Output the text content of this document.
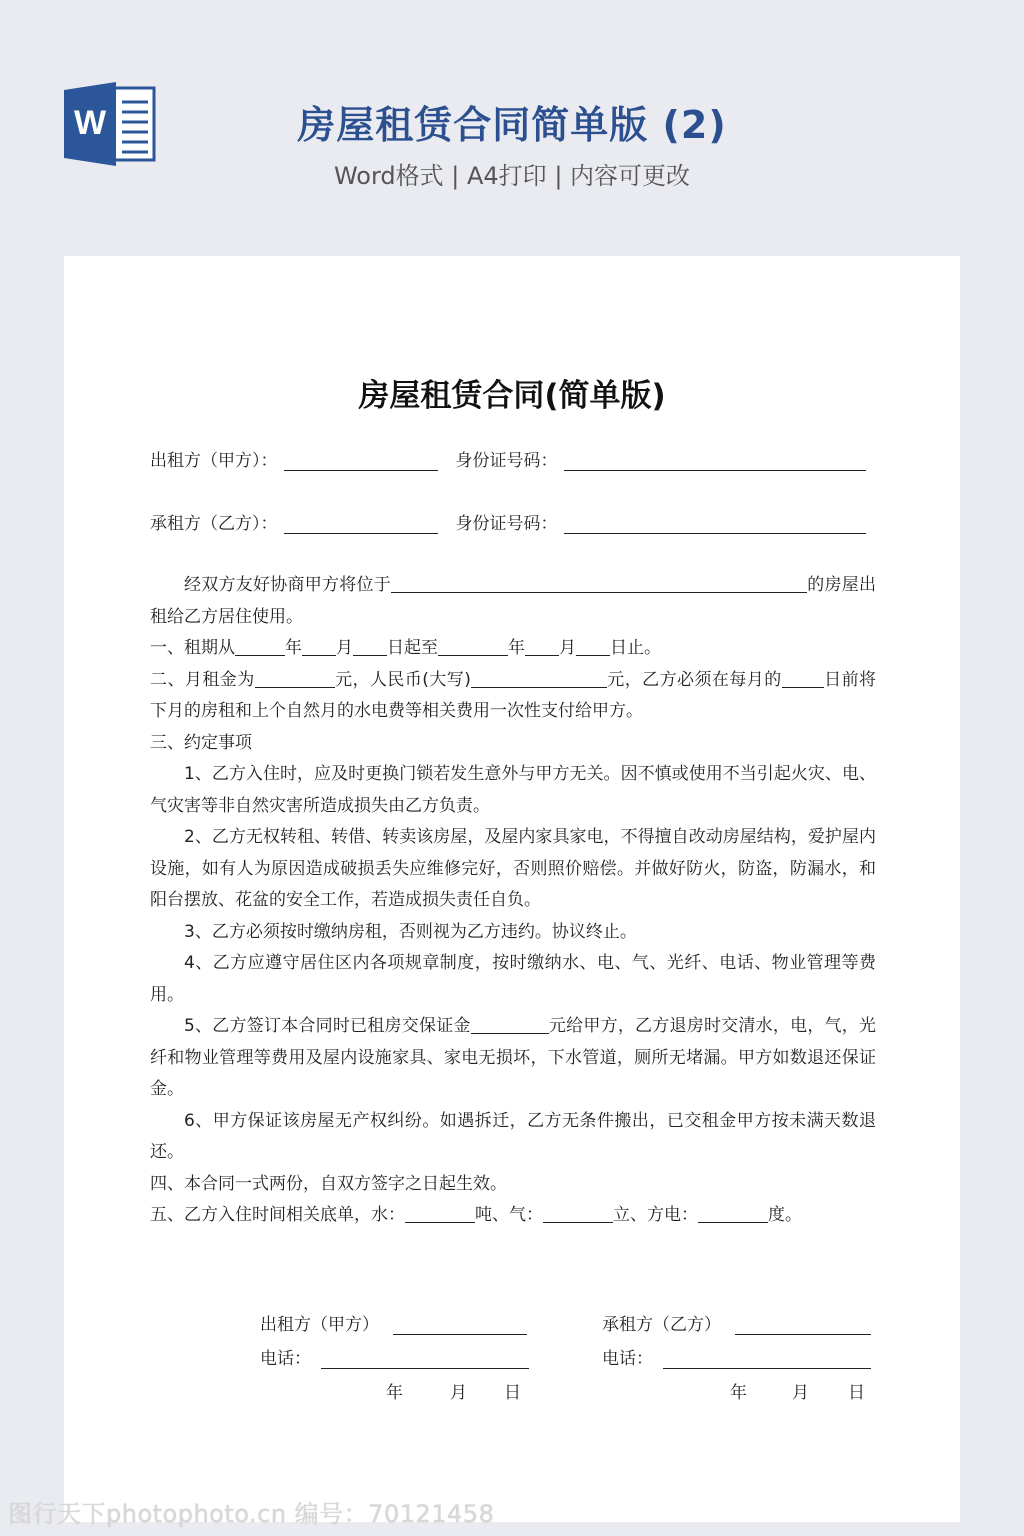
W	房屋租赁合同简单版 (2)
Word格式 | A4打印 | 内容可更改
房屋租赁合同(简单版)
出租方（甲方）：	身份证号码：
承租方（乙方）：	身份证号码：

经双方友好协商甲方将位于	的房屋出租给乙方居住使用。

一、租期从	年 月 日起至	年 月 日止。

二、月租金为	元，人民币(大写)	元，乙方必须在每月的 日前将下月的房租和上个自然月的水电费等相关费用一次性支付给甲方。

三、约定事项

1、乙方入住时，应及时更换门锁若发生意外与甲方无关。因不慎或使用不当引起火灾、电、气灾害等非自然灾害所造成损失由乙方负责。

2、乙方无权转租、转借、转卖该房屋，及屋内家具家电，不得擅自改动房屋结构，爱护屋内设施，如有人为原因造成破损丢失应维修完好，否则照价赔偿。并做好防火，防盗，防漏水，和阳台摆放、花盆的安全工作，若造成损失责任自负。

3、乙方必须按时缴纳房租，否则视为乙方违约。协议终止。

4、乙方应遵守居住区内各项规章制度，按时缴纳水、电、气、光纤、电话、物业管理等费用。

5、乙方签订本合同时已租房交保证金	元给甲方，乙方退房时交清水，电，气，光纤和物业管理等费用及屋内设施家具、家电无损坏，下水管道，厕所无堵漏。甲方如数退还保证金。

6、甲方保证该房屋无产权纠纷。如遇拆迁，乙方无条件搬出，已交租金甲方按未满天数退还。

四、本合同一式两份，自双方签字之日起生效。

五、乙方入住时间相关底单，水：	吨、气：	立、方电：	度。

出租方（甲方）	承租方（乙方）
电话：	电话：
年	月 日	年	月 日
图行天下photophoto.cn 编号：70121458
